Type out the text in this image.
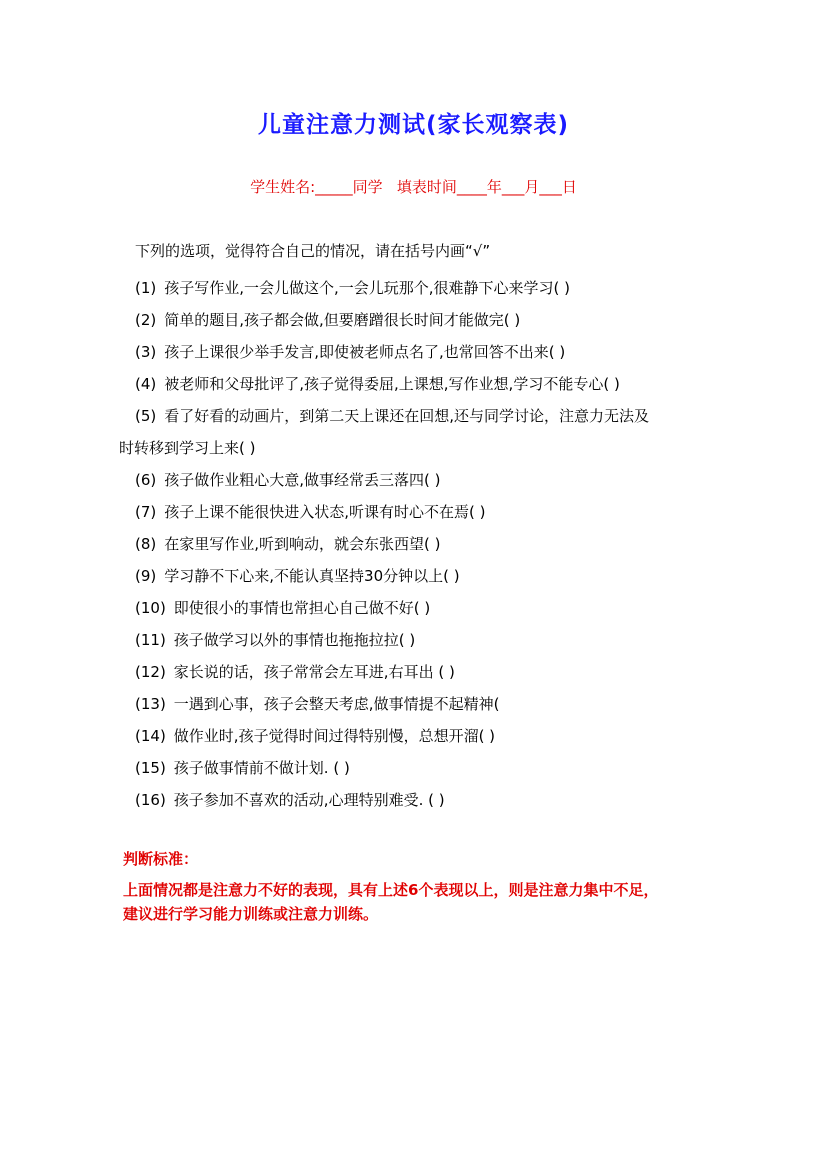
儿童注意力测试(家长观察表)
学生姓名:_____同学   填表时间____年___月___日
下列的选项，觉得符合自己的情况，请在括号内画“√”
(1) 孩子写作业,一会儿做这个,一会儿玩那个,很难静下心来学习( )
(2) 简单的题目,孩子都会做,但要磨蹭很长时间才能做完( )
(3) 孩子上课很少举手发言,即使被老师点名了,也常回答不出来( )
(4) 被老师和父母批评了,孩子觉得委屈,上课想,写作业想,学习不能专心( )
(5) 看了好看的动画片，到第二天上课还在回想,还与同学讨论，注意力无法及
时转移到学习上来( )
(6) 孩子做作业粗心大意,做事经常丢三落四( )
(7) 孩子上课不能很快进入状态,听课有时心不在焉( )
(8) 在家里写作业,听到响动，就会东张西望( )
(9) 学习静不下心来,不能认真坚持30分钟以上( )
(10) 即使很小的事情也常担心自己做不好( )
(11) 孩子做学习以外的事情也拖拖拉拉( )
(12) 家长说的话，孩子常常会左耳进,右耳出 ( )
(13) 一遇到心事，孩子会整天考虑,做事情提不起精神(
(14) 做作业时,孩子觉得时间过得特别慢，总想开溜( )
(15) 孩子做事情前不做计划. ( )
(16) 孩子参加不喜欢的活动,心理特别难受. ( )
判断标准：
上面情况都是注意力不好的表现，具有上述6个表现以上，则是注意力集中不足，
建议进行学习能力训练或注意力训练。
